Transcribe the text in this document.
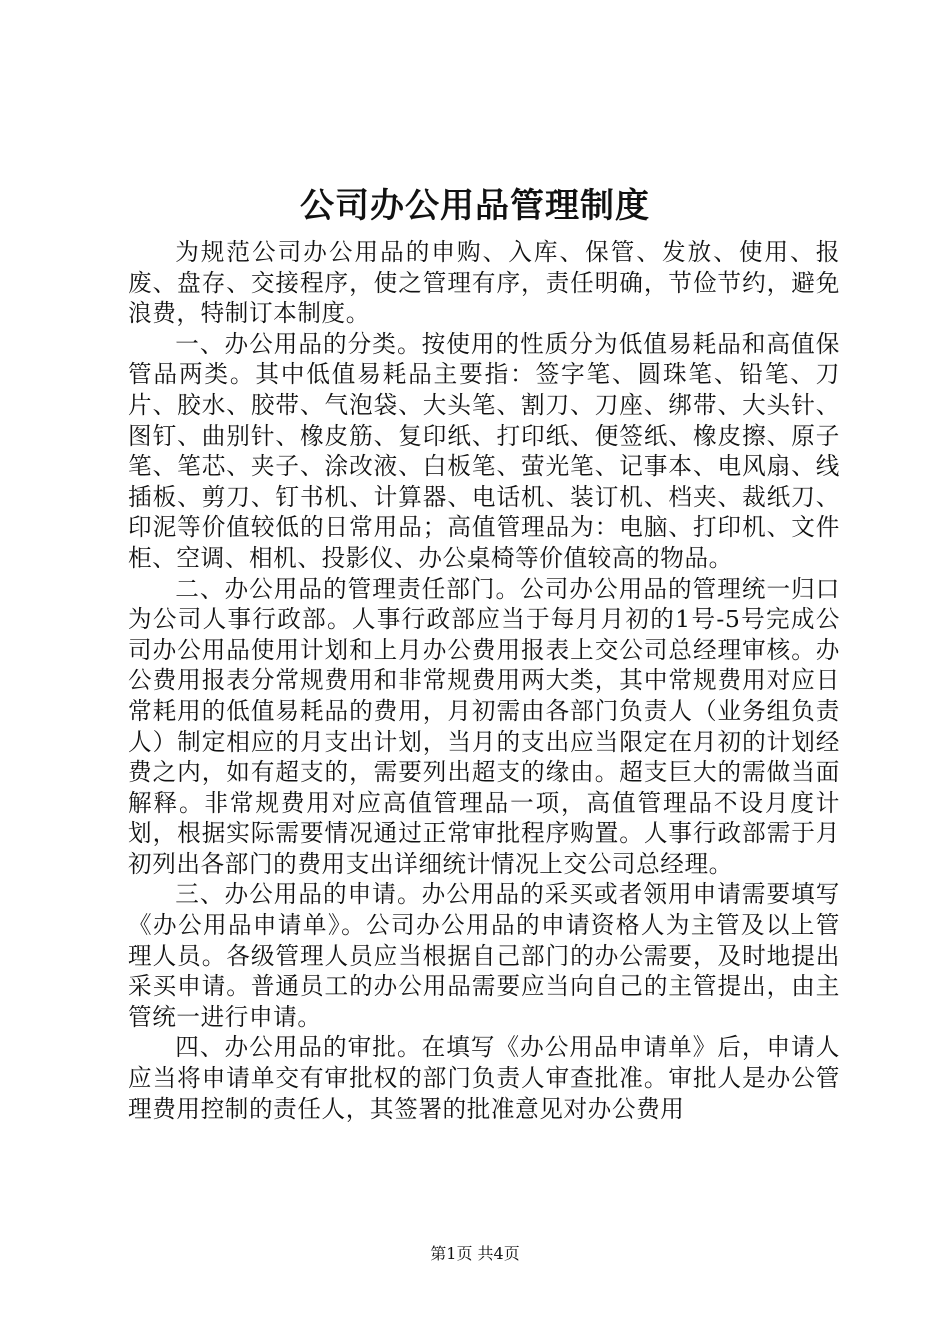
公司办公用品管理制度

为规范公司办公用品的申购、入库、保管、发放、使用、报废、盘存、交接程序，使之管理有序，责任明确，节俭节约，避免浪费，特制订本制度。

一、办公用品的分类。按使用的性质分为低值易耗品和高值保管品两类。其中低值易耗品主要指：签字笔、圆珠笔、铅笔、刀片、胶水、胶带、气泡袋、大头笔、割刀、刀座、绑带、大头针、图钉、曲别针、橡皮筋、复印纸、打印纸、便签纸、橡皮擦、原子笔、笔芯、夹子、涂改液、白板笔、萤光笔、记事本、电风扇、线插板、剪刀、钉书机、计算器、电话机、装订机、档夹、裁纸刀、印泥等价值较低的日常用品；高值管理品为：电脑、打印机、文件柜、空调、相机、投影仪、办公桌椅等价值较高的物品。

二、办公用品的管理责任部门。公司办公用品的管理统一归口为公司人事行政部。人事行政部应当于每月月初的1号-5号完成公司办公用品使用计划和上月办公费用报表上交公司总经理审核。办公费用报表分常规费用和非常规费用两大类，其中常规费用对应日常耗用的低值易耗品的费用，月初需由各部门负责人（业务组负责人）制定相应的月支出计划，当月的支出应当限定在月初的计划经费之内，如有超支的，需要列出超支的缘由。超支巨大的需做当面解释。非常规费用对应高值管理品一项，高值管理品不设月度计划，根据实际需要情况通过正常审批程序购置。人事行政部需于月初列出各部门的费用支出详细统计情况上交公司总经理。

三、办公用品的申请。办公用品的采买或者领用申请需要填写《办公用品申请单》。公司办公用品的申请资格人为主管及以上管理人员。各级管理人员应当根据自己部门的办公需要，及时地提出采买申请。普通员工的办公用品需要应当向自己的主管提出，由主管统一进行申请。

四、办公用品的审批。在填写《办公用品申请单》后，申请人应当将申请单交有审批权的部门负责人审查批准。审批人是办公管理费用控制的责任人，其签署的批准意见对办公费用

第1页 共4页
